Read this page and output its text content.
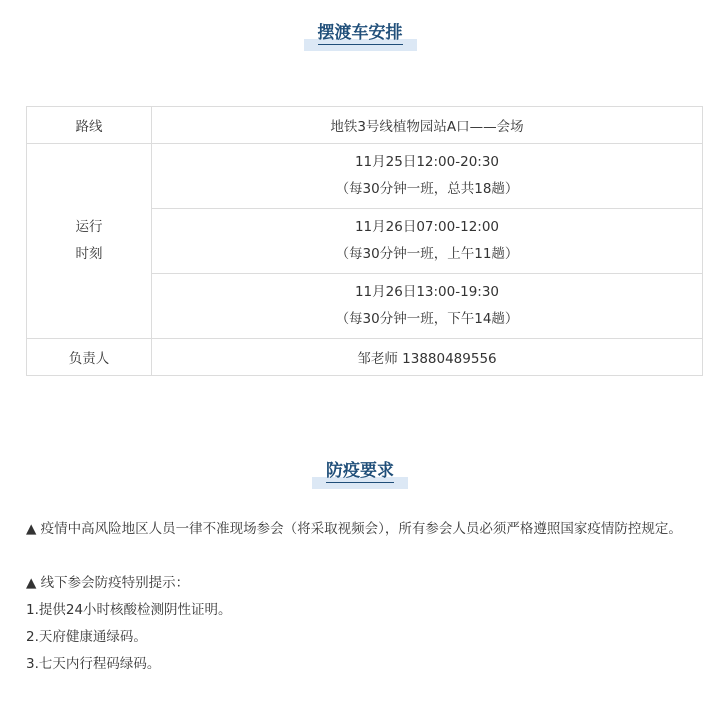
摆渡车安排
路线	地铁3号线植物园站A口——会场

运行
时刻	11月25日12:00-20:30
（每30分钟一班，总共18趟）

	11月26日07:00-12:00
（每30分钟一班，上午11趟）

	11月26日13:00-19:30
（每30分钟一班，下午14趟）

负责人	邹老师 13880489556
防疫要求

▲ 疫情中高风险地区人员一律不准现场参会（将采取视频会），所有参会人员必须严格遵照国家疫情防控规定。

▲ 线下参会防疫特别提示：

1.提供24小时核酸检测阴性证明。

2.天府健康通绿码。

3.七天内行程码绿码。
